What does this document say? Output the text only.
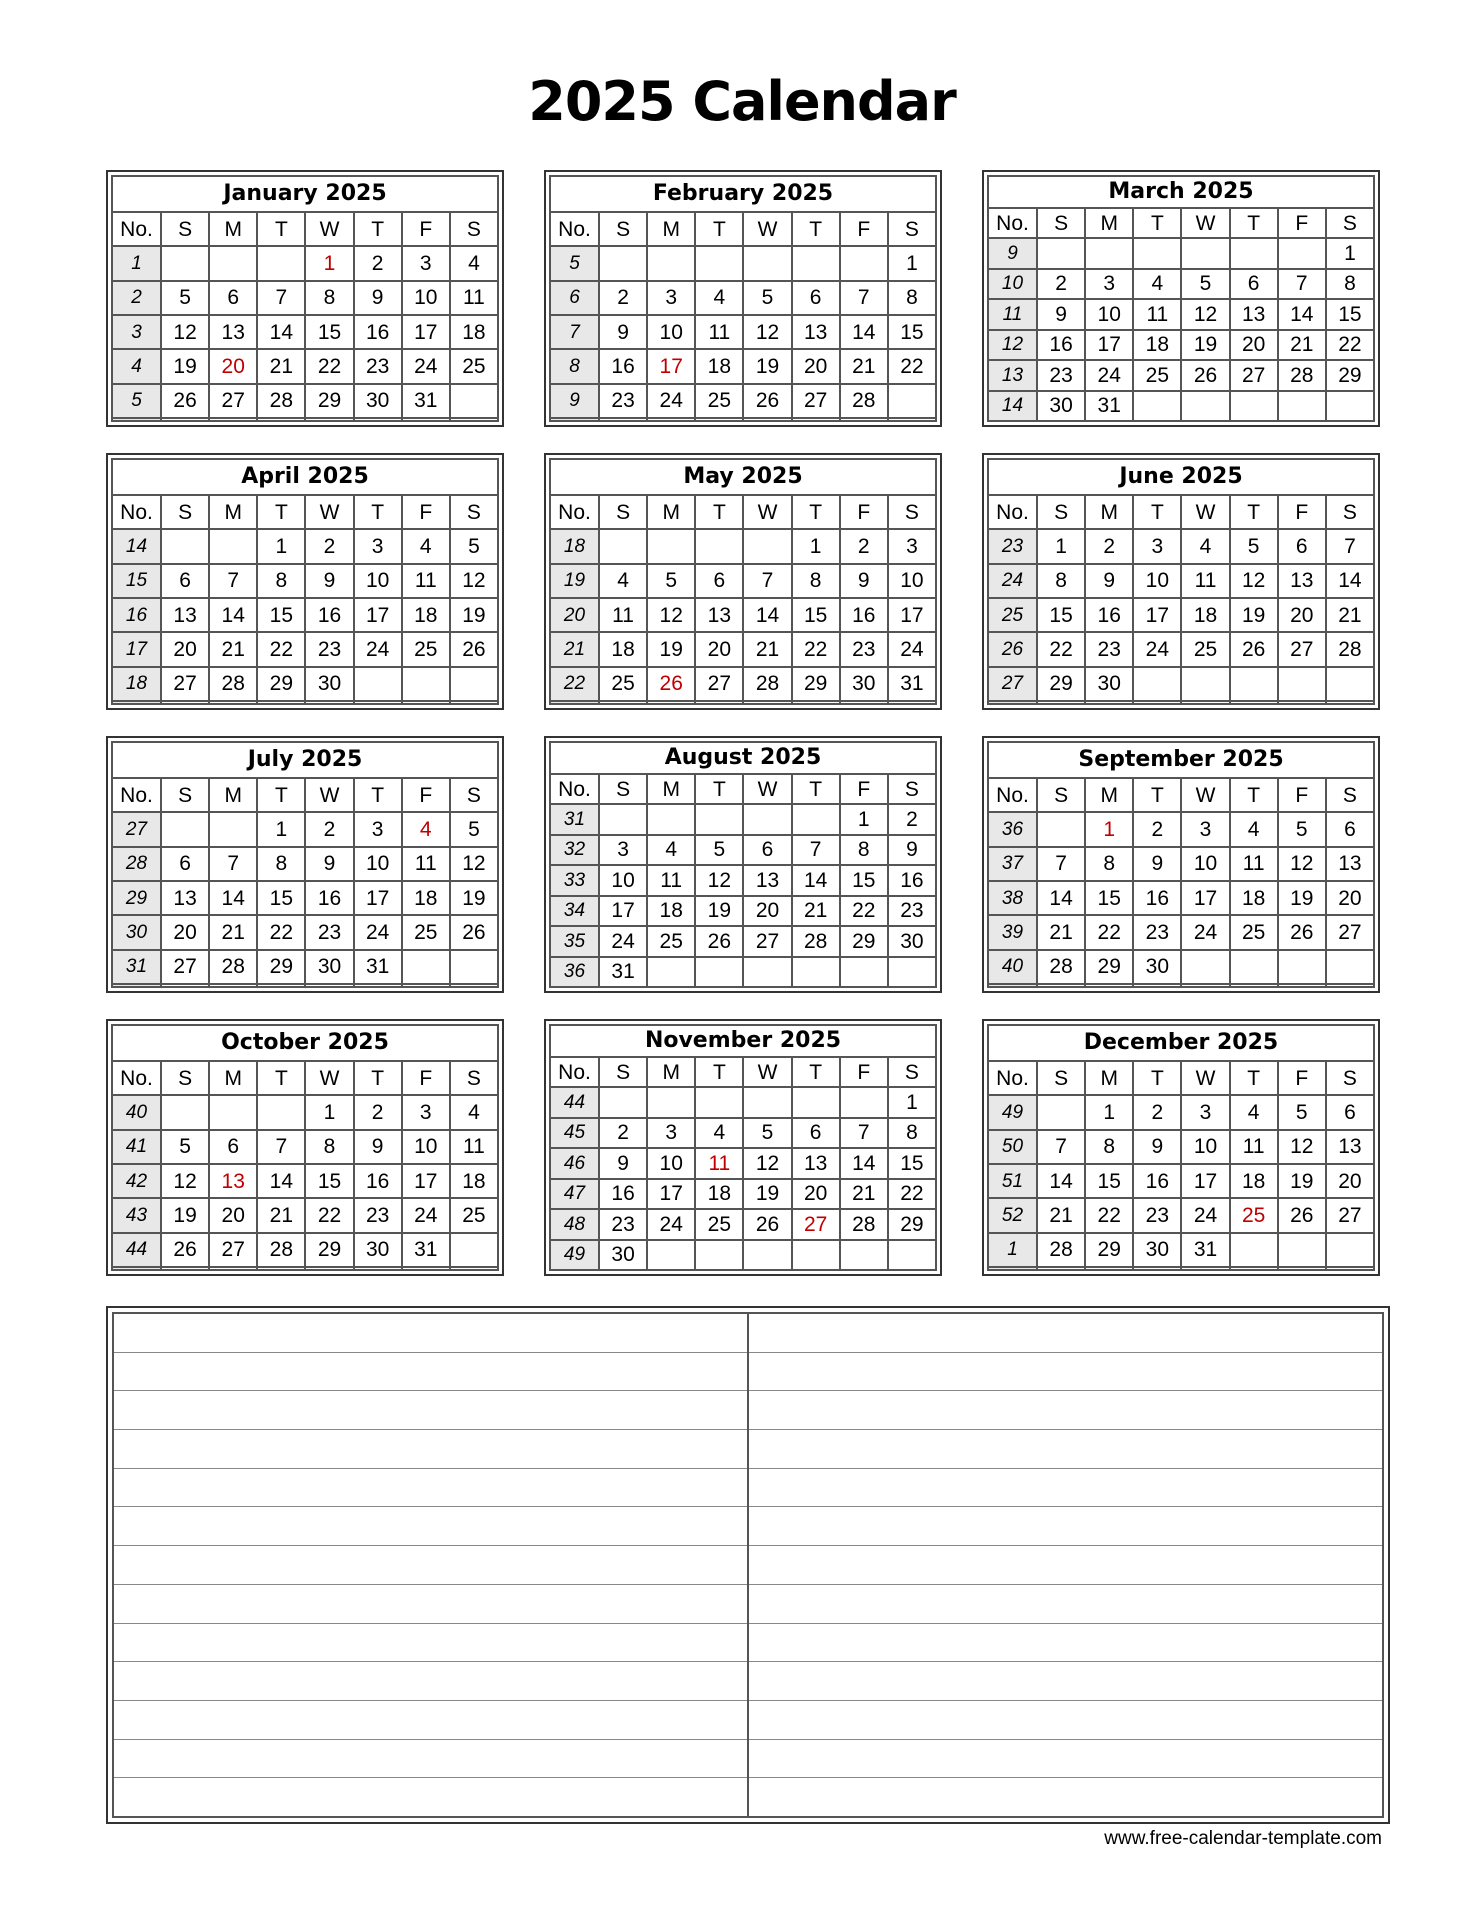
2025 Calendar
January 2025							
No.	S	M	T	W	T	F	S
1				1	2	3	4
2	5	6	7	8	9	10	11
3	12	13	14	15	16	17	18
4	19	20	21	22	23	24	25
5	26	27	28	29	30	31	

February 2025							
No.	S	M	T	W	T	F	S
5							1
6	2	3	4	5	6	7	8
7	9	10	11	12	13	14	15
8	16	17	18	19	20	21	22
9	23	24	25	26	27	28	

March 2025							
No.	S	M	T	W	T	F	S
9							1
10	2	3	4	5	6	7	8
11	9	10	11	12	13	14	15
12	16	17	18	19	20	21	22
13	23	24	25	26	27	28	29
14	30	31					
April 2025							
No.	S	M	T	W	T	F	S
14			1	2	3	4	5
15	6	7	8	9	10	11	12
16	13	14	15	16	17	18	19
17	20	21	22	23	24	25	26
18	27	28	29	30			

May 2025							
No.	S	M	T	W	T	F	S
18					1	2	3
19	4	5	6	7	8	9	10
20	11	12	13	14	15	16	17
21	18	19	20	21	22	23	24
22	25	26	27	28	29	30	31

June 2025							
No.	S	M	T	W	T	F	S
23	1	2	3	4	5	6	7
24	8	9	10	11	12	13	14
25	15	16	17	18	19	20	21
26	22	23	24	25	26	27	28
27	29	30					

July 2025							
No.	S	M	T	W	T	F	S
27			1	2	3	4	5
28	6	7	8	9	10	11	12
29	13	14	15	16	17	18	19
30	20	21	22	23	24	25	26
31	27	28	29	30	31		

August 2025							
No.	S	M	T	W	T	F	S
31						1	2
32	3	4	5	6	7	8	9
33	10	11	12	13	14	15	16
34	17	18	19	20	21	22	23
35	24	25	26	27	28	29	30
36	31						
September 2025							
No.	S	M	T	W	T	F	S
36		1	2	3	4	5	6
37	7	8	9	10	11	12	13
38	14	15	16	17	18	19	20
39	21	22	23	24	25	26	27
40	28	29	30				

October 2025							
No.	S	M	T	W	T	F	S
40				1	2	3	4
41	5	6	7	8	9	10	11
42	12	13	14	15	16	17	18
43	19	20	21	22	23	24	25
44	26	27	28	29	30	31	

November 2025							
No.	S	M	T	W	T	F	S
44							1
45	2	3	4	5	6	7	8
46	9	10	11	12	13	14	15
47	16	17	18	19	20	21	22
48	23	24	25	26	27	28	29
49	30						
December 2025							
No.	S	M	T	W	T	F	S
49		1	2	3	4	5	6
50	7	8	9	10	11	12	13
51	14	15	16	17	18	19	20
52	21	22	23	24	25	26	27
1	28	29	30	31			

www.free-calendar-template.com
